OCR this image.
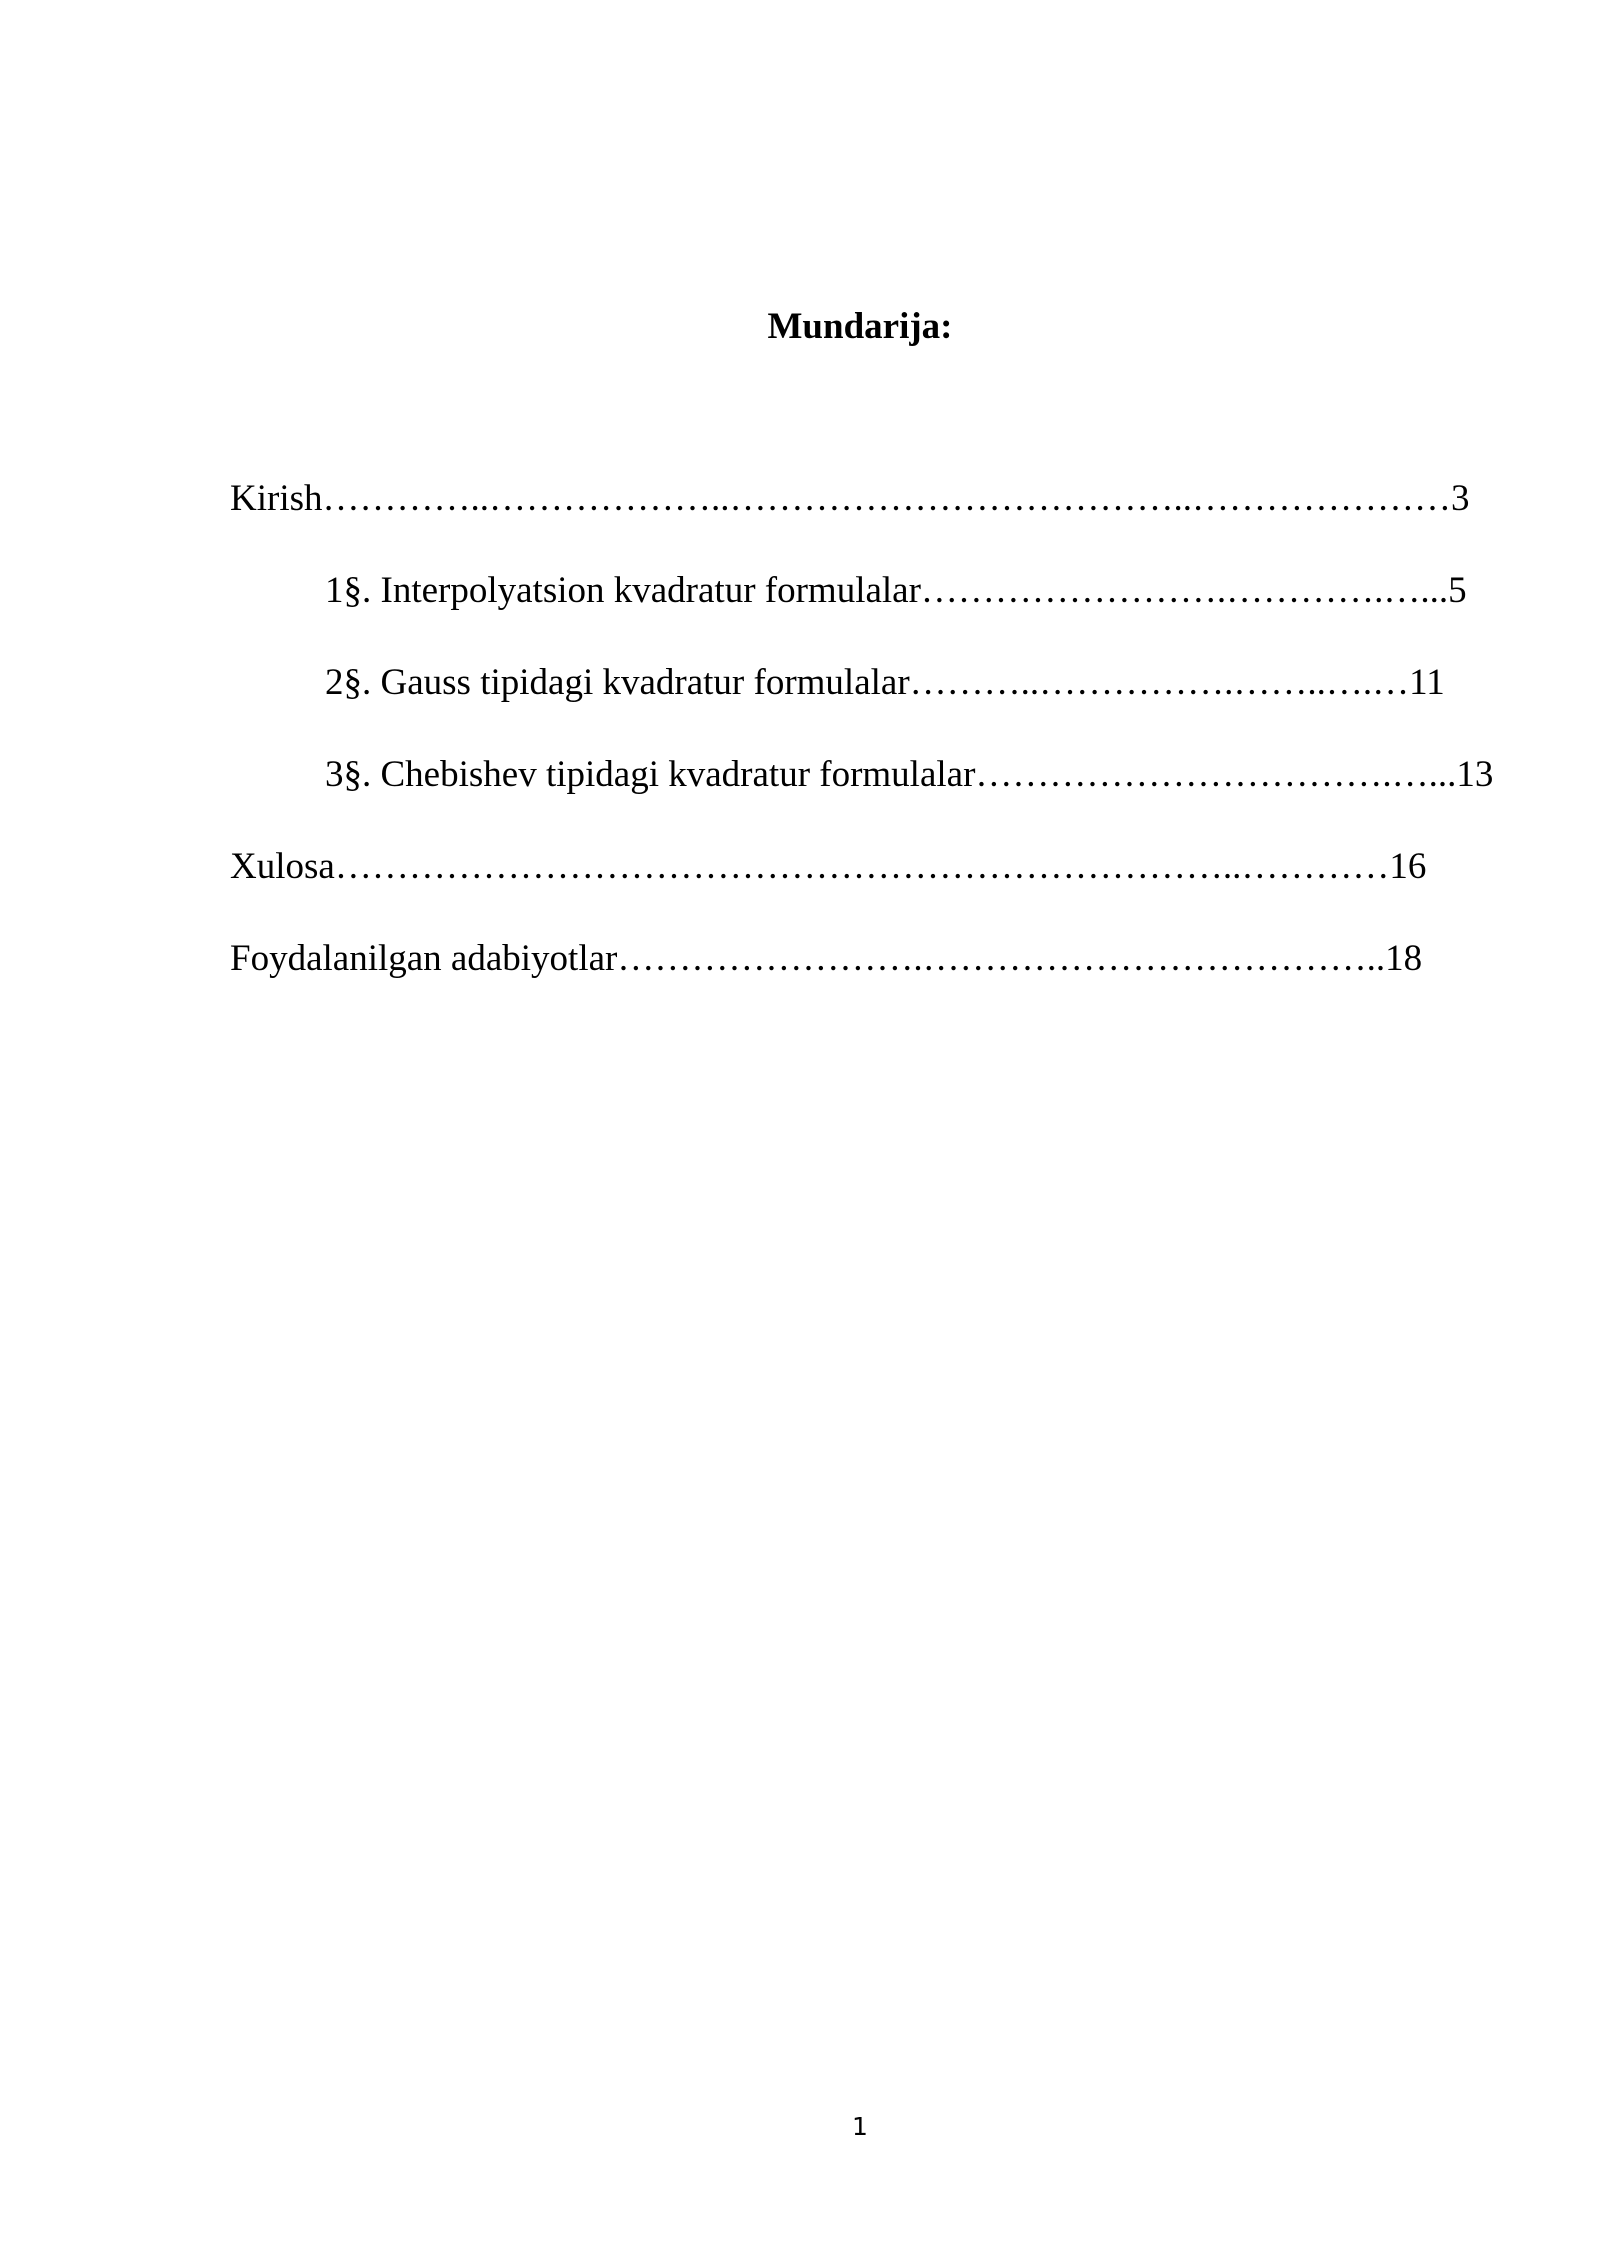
Mundarija:
Kirish…………..………………..………………………………..…………………3
1§. Interpolyatsion kvadratur formulalar…………………….………….…...5
2§. Gauss tipidagi kvadratur formulalar………..…………….……..….…11
3§. Chebishev tipidagi kvadratur formulalar…………………………….…...13
Xulosa………………………………………………………………..…………16
Foydalanilgan adabiyotlar…………………….………………………………..18
1
